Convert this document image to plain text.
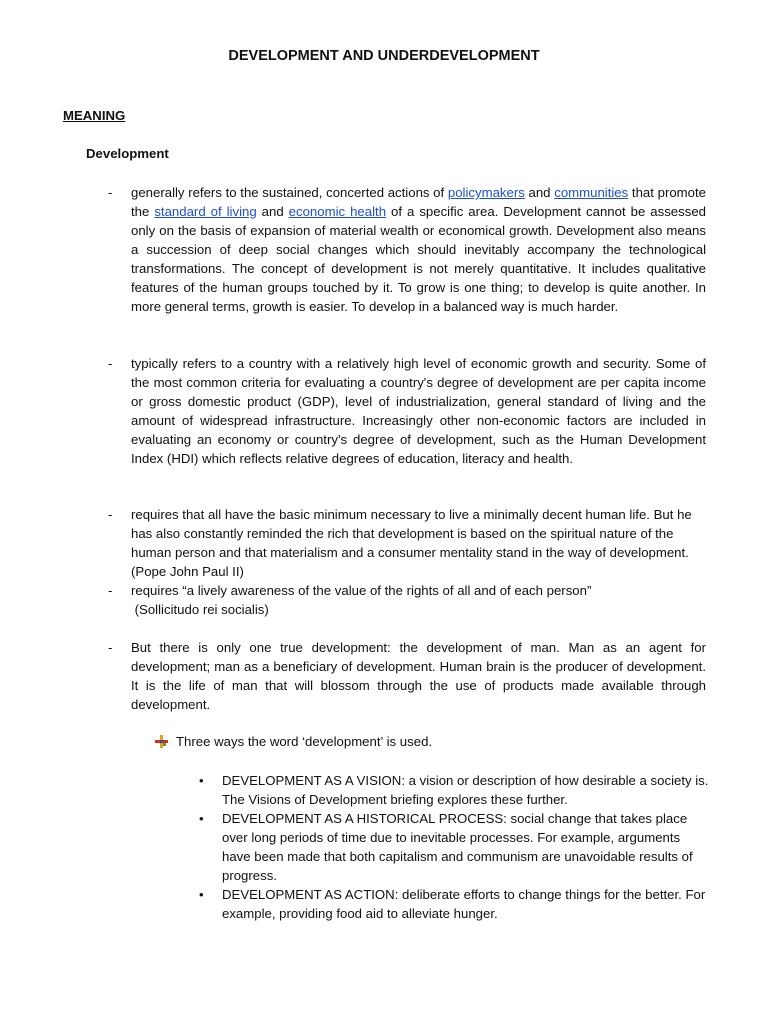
DEVELOPMENT AND UNDERDEVELOPMENT
MEANING
Development
- generally refers to the sustained, concerted actions of policymakers and communities that promote the standard of living and economic health of a specific area. Development cannot be assessed only on the basis of expansion of material wealth or economical growth. Development also means a succession of deep social changes which should inevitably accompany the technological transformations. The concept of development is not merely quantitative. It includes qualitative features of the human groups touched by it. To grow is one thing; to develop is quite another. In more general terms, growth is easier. To develop in a balanced way is much harder.
- typically refers to a country with a relatively high level of economic growth and security. Some of the most common criteria for evaluating a country's degree of development are per capita income or gross domestic product (GDP), level of industrialization, general standard of living and the amount of widespread infrastructure. Increasingly other non-economic factors are included in evaluating an economy or country's degree of development, such as the Human Development Index (HDI) which reflects relative degrees of education, literacy and health.
- requires that all have the basic minimum necessary to live a minimally decent human life. But he has also constantly reminded the rich that development is based on the spiritual nature of the human person and that materialism and a consumer mentality stand in the way of development. (Pope John Paul II)
- requires “a lively awareness of the value of the rights of all and of each person”
(Sollicitudo rei socialis)
- But there is only one true development: the development of man. Man as an agent for development; man as a beneficiary of development. Human brain is the producer of development. It is the life of man that will blossom through the use of products made available through development.
Three ways the word ‘development’ is used.
• DEVELOPMENT AS A VISION: a vision or description of how desirable a society is. The Visions of Development briefing explores these further.
• DEVELOPMENT AS A HISTORICAL PROCESS: social change that takes place over long periods of time due to inevitable processes. For example, arguments have been made that both capitalism and communism are unavoidable results of progress.
• DEVELOPMENT AS ACTION: deliberate efforts to change things for the better. For example, providing food aid to alleviate hunger.
